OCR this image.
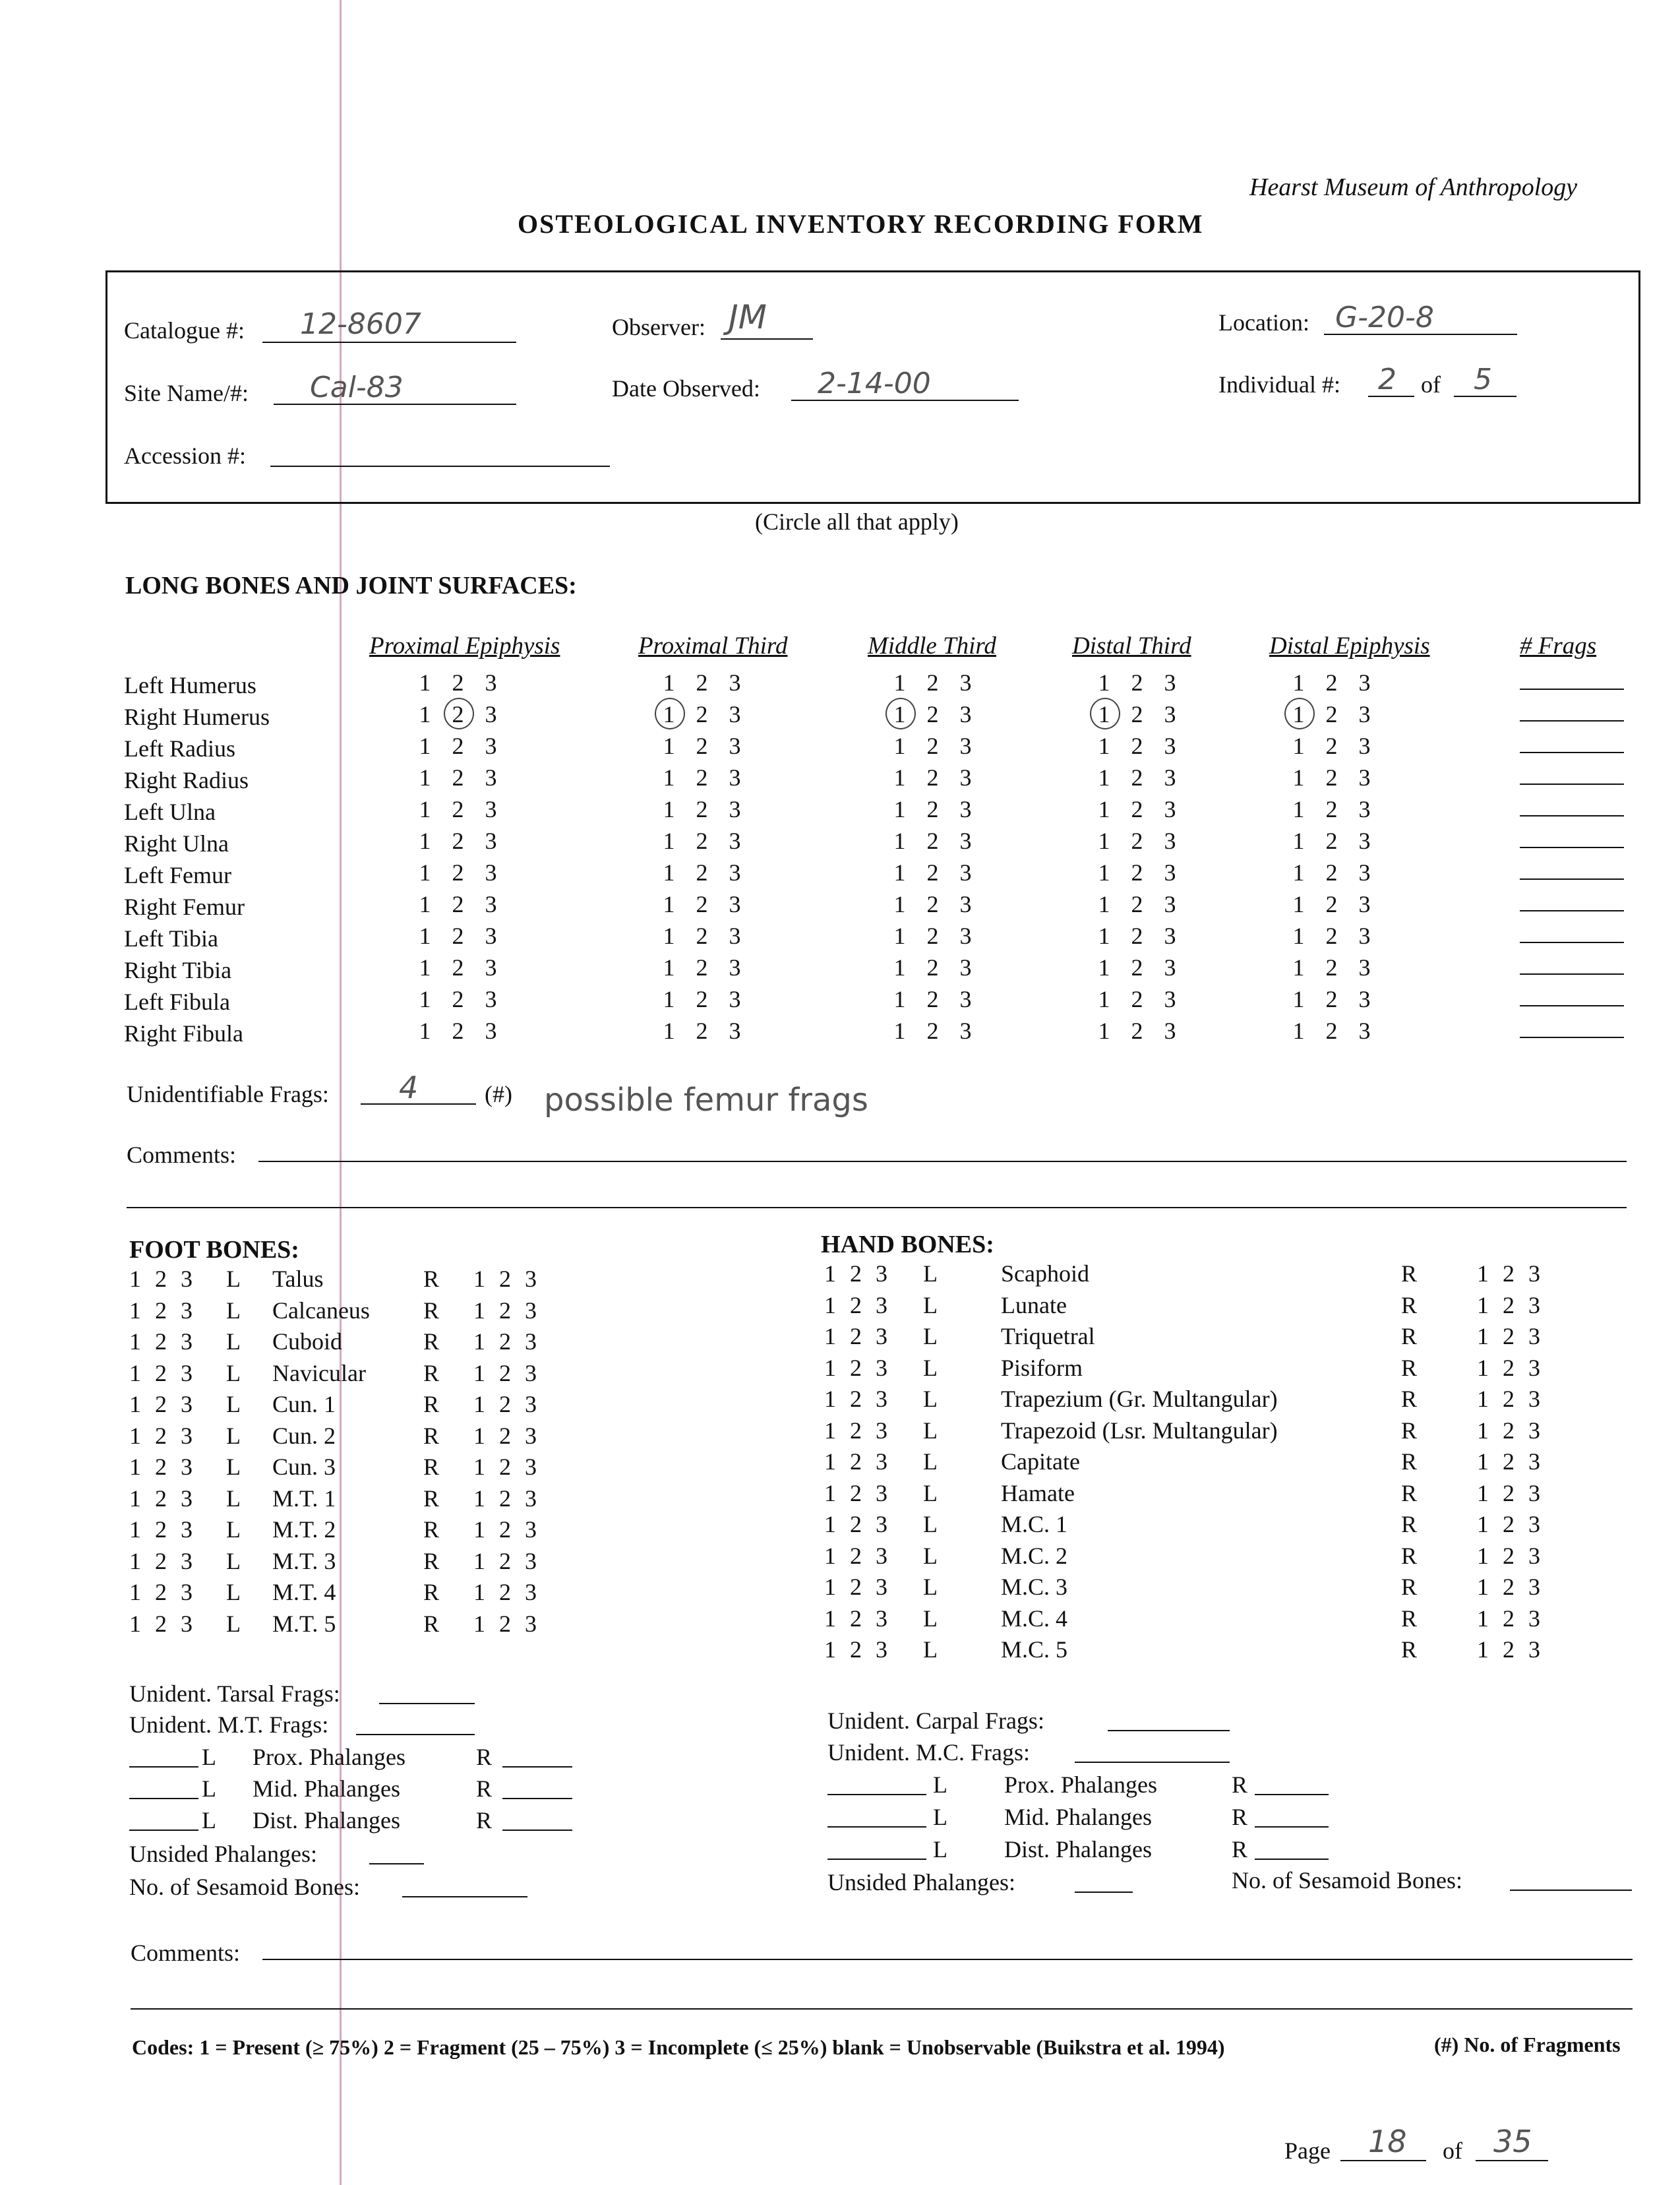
Hearst Museum of Anthropology
OSTEOLOGICAL INVENTORY RECORDING FORM
Catalogue #: 12-8607	Observer: JM	Location: G-20-8
Site Name/#: Cal-83	Date Observed: 2-14-00	Individual #: 2 of 5
Accession #:
(Circle all that apply)
LONG BONES AND JOINT SURFACES:
Proximal Epiphysis	Proximal Third	Middle Third	Distal Third	Distal Epiphysis	# Frags
Left Humerus	1 2 3	1 2 3	1 2 3	1 2 3	1 2 3
Right Humerus	1 2 3	1 2 3	1 2 3	1 2 3	1 2 3
Left Radius	1 2 3	1 2 3	1 2 3	1 2 3	1 2 3
Right Radius	1 2 3	1 2 3	1 2 3	1 2 3	1 2 3
Left Ulna	1 2 3	1 2 3	1 2 3	1 2 3	1 2 3
Right Ulna	1 2 3	1 2 3	1 2 3	1 2 3	1 2 3
Left Femur	1 2 3	1 2 3	1 2 3	1 2 3	1 2 3
Right Femur	1 2 3	1 2 3	1 2 3	1 2 3	1 2 3
Left Tibia	1 2 3	1 2 3	1 2 3	1 2 3	1 2 3
Right Tibia	1 2 3	1 2 3	1 2 3	1 2 3	1 2 3
Left Fibula	1 2 3	1 2 3	1 2 3	1 2 3	1 2 3
Right Fibula	1 2 3	1 2 3	1 2 3	1 2 3	1 2 3
Unidentifiable Frags: 4	(#) possible femur frags
Comments:
FOOT BONES:
1 2 3 L Talus	R 1 2 3
1 2 3 L Calcaneus R 1 2 3
1 2 3 L Cuboid	R 1 2 3
1 2 3 L Navicular R 1 2 3
1 2 3 L Cun. 1	R 1 2 3
1 2 3 L Cun. 2	R 1 2 3
1 2 3 L Cun. 3	R 1 2 3
1 2 3 L M.T. 1	R 1 2 3
1 2 3 L M.T. 2	R 1 2 3
1 2 3 L M.T. 3	R 1 2 3
1 2 3 L M.T. 4	R 1 2 3
1 2 3 L M.T. 5	R 1 2 3
Unident. Tarsal Frags:
Unident. M.T. Frags:
L Prox. Phalanges	R
L Mid. Phalanges	R
L Dist. Phalanges	R
Unsided Phalanges:
No. of Sesamoid Bones:
HAND BONES:
1 2 3 L	Scaphoid	R	1 2 3
1 2 3 L	Lunate	R	1 2 3
1 2 3 L	Triquetral	R	1 2 3
1 2 3 L	Pisiform	R	1 2 3
1 2 3 L	Trapezium (Gr. Multangular)	R	1 2 3
1 2 3 L	Trapezoid (Lsr. Multangular)	R	1 2 3
1 2 3 L	Capitate	R	1 2 3
1 2 3 L	Hamate	R	1 2 3
1 2 3 L	M.C. 1	R	1 2 3
1 2 3 L	M.C. 2	R	1 2 3
1 2 3 L	M.C. 3	R	1 2 3
1 2 3 L	M.C. 4	R	1 2 3
1 2 3 L	M.C. 5	R	1 2 3
Unident. Carpal Frags:
Unident. M.C. Frags:
L Prox. Phalanges	R
L Mid. Phalanges	R
L Dist. Phalanges	R
Unsided Phalanges:	No. of Sesamoid Bones:
Comments:
Codes: 1 = Present (≥ 75%) 2 = Fragment (25 – 75%) 3 = Incomplete (≤ 25%) blank = Unobservable (Buikstra et al. 1994)	(#) No. of Fragments
Page 18 of 35
